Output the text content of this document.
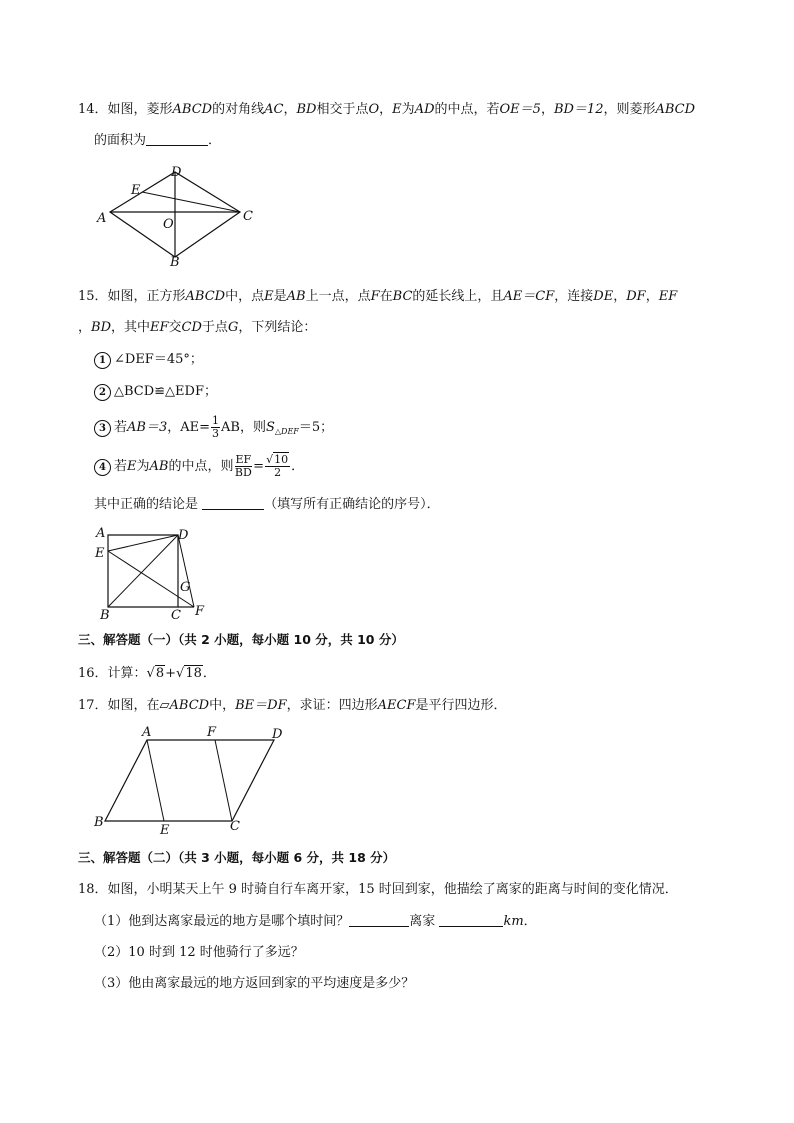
14．如图，菱形ABCD的对角线AC，BD相交于点O，E为AD的中点，若OE＝5，BD＝12，则菱形ABCD
的面积为	．
D
E
A	O
C
B
15．如图，正方形ABCD中，点E是AB上一点，点F在BC的延长线上，且AE＝CF，连接DE，DF，EF
，BD，其中EF交CD于点G，下列结论：
1 ∠DEF＝45°；
2 △BCD≌△EDF；
3 若AB＝3，$AE= \frac{1}{3}$ AB，则$S_{\triangle DEF}=5$；
4 若E为AB的中点，则 $\frac{EF}{BD} = \frac{√10}{2}$ ．
其中正确的结论是	（填写所有正确结论的序号）．
A	D
E
G
B	C F
三、解答题（一）（共 2 小题，每小题 10 分，共 10 分）
16．计算：√8+√18．
17．如图，在▱ABCD中，BE＝DF，求证：四边形AECF是平行四边形．
A	F	D
B
E	C
三、解答题（二）（共 3 小题，每小题 6 分，共 18 分）
18．如图，小明某天上午 9 时骑自行车离开家，15 时回到家，他描绘了离家的距离与时间的变化情况．
（1）他到达离家最远的地方是哪个填时间？	离家	km．
（2）10 时到 12 时他骑行了多远？
（3）他由离家最远的地方返回到家的平均速度是多少？
